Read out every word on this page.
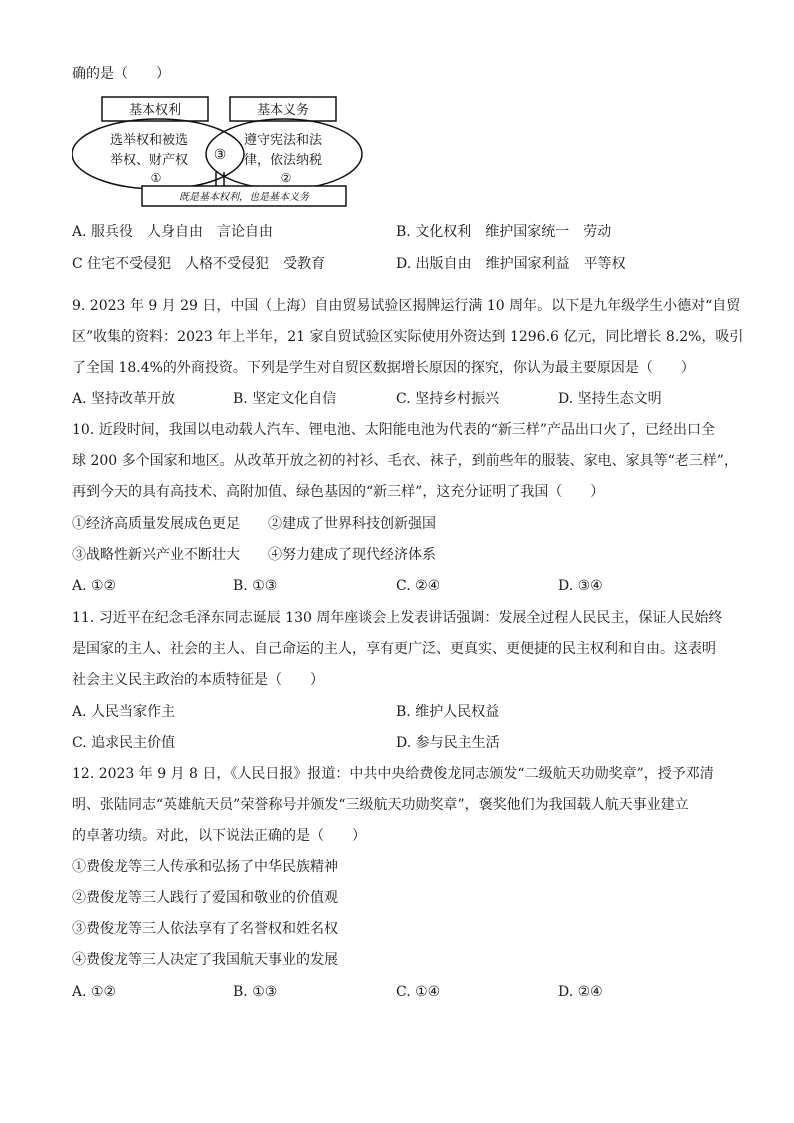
确的是（　　）
基本权利	基本义务
选举权和被选
举权、财产权
遵守宪法和法
律，依法纳税
③
①	②
既是基本权利，也是基本义务
A. 服兵役　人身自由　言论自由	B. 文化权利　维护国家统一　劳动
C 住宅不受侵犯　人格不受侵犯　受教育	D. 出版自由　维护国家利益　平等权
9. 2023 年 9 月 29 日，中国（上海）自由贸易试验区揭牌运行满 10 周年。以下是九年级学生小德对“自贸
区”收集的资料：2023 年上半年，21 家自贸试验区实际使用外资达到 1296.6 亿元，同比增长 8.2%，吸引
了全国 18.4%的外商投资。下列是学生对自贸区数据增长原因的探究，你认为最主要原因是（　　）
A. 坚持改革开放	B. 坚定文化自信	C. 坚持乡村振兴	D. 坚持生态文明
10. 近段时间，我国以电动载人汽车、锂电池、太阳能电池为代表的“新三样”产品出口火了，已经出口全
球 200 多个国家和地区。从改革开放之初的衬衫、毛衣、袜子，到前些年的服装、家电、家具等“老三样”，
再到今天的具有高技术、高附加值、绿色基因的“新三样”，这充分证明了我国（　　）
①经济高质量发展成色更足 ②建成了世界科技创新强国
③战略性新兴产业不断壮大 ④努力建成了现代经济体系
A. ①②	B. ①③	C. ②④	D. ③④
11. 习近平在纪念毛泽东同志诞辰 130 周年座谈会上发表讲话强调：发展全过程人民民主，保证人民始终
是国家的主人、社会的主人、自己命运的主人，享有更广泛、更真实、更便捷的民主权利和自由。这表明
社会主义民主政治的本质特征是（　　）
A. 人民当家作主	B. 维护人民权益
C. 追求民主价值	D. 参与民主生活
12. 2023 年 9 月 8 日，《人民日报》报道：中共中央给费俊龙同志颁发“二级航天功勋奖章”，授予邓清
明、张陆同志“英雄航天员”荣誉称号并颁发“三级航天功勋奖章”，褒奖他们为我国载人航天事业建立
的卓著功绩。对此，以下说法正确的是（　　）
①费俊龙等三人传承和弘扬了中华民族精神
②费俊龙等三人践行了爱国和敬业的价值观
③费俊龙等三人依法享有了名誉权和姓名权
④费俊龙等三人决定了我国航天事业的发展
A. ①②	B. ①③	C. ①④	D. ②④
